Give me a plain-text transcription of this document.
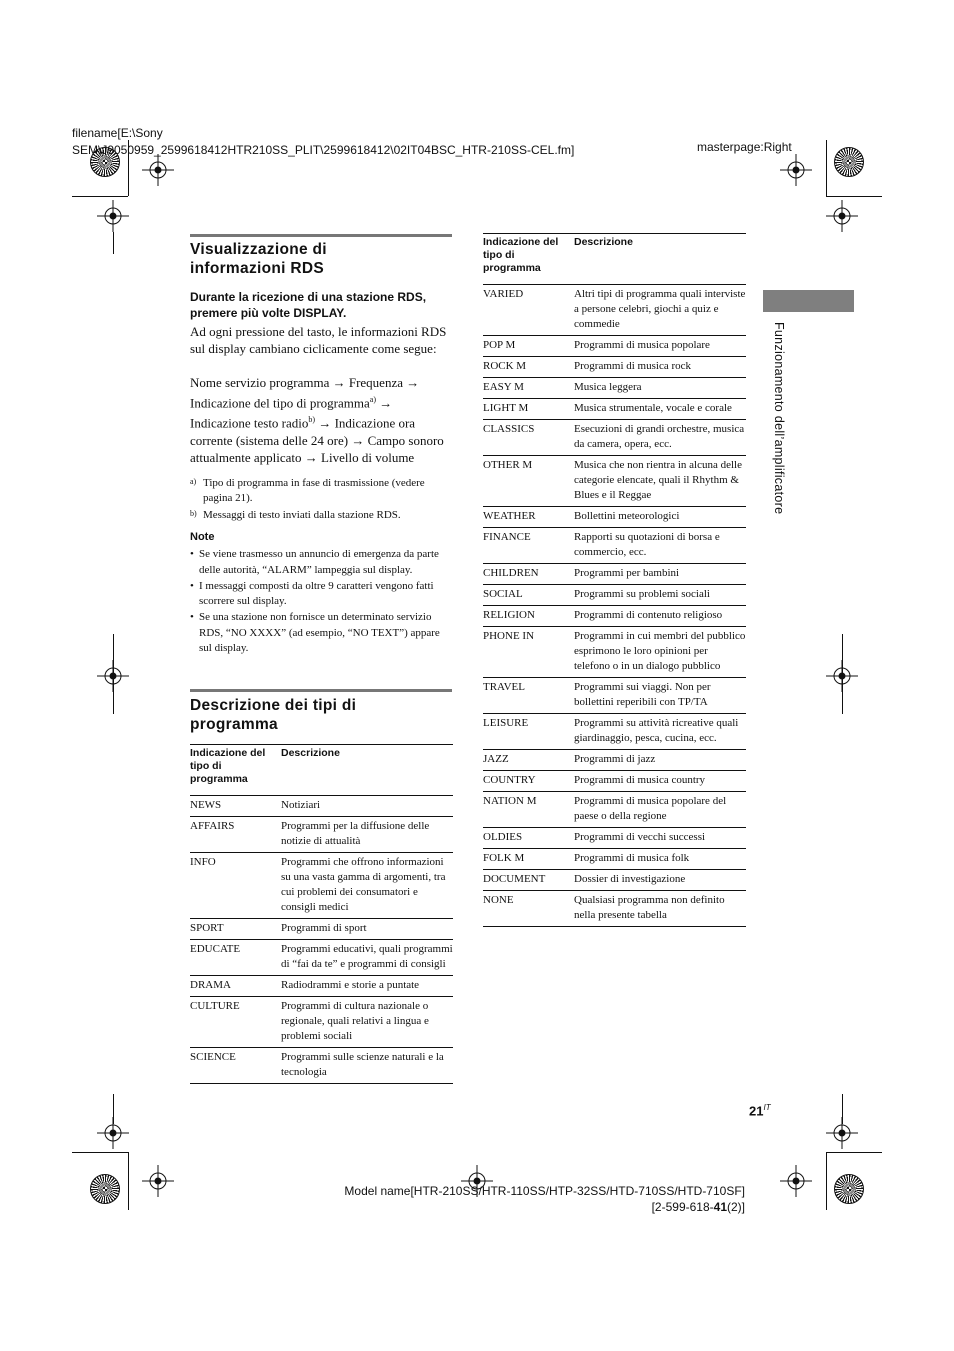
filename[E:\Sony
SEM\J9050959_2599618412HTR210SS_PLIT\2599618412\02IT04BSC_HTR-210SS-CEL.fm]	masterpage:Right
Visualizzazione di informazioni RDS
Durante la ricezione di una stazione RDS, premere più volte DISPLAY.
Ad ogni pressione del tasto, le informazioni RDS sul display cambiano ciclicamente come segue:
Nome servizio programma → Frequenza → Indicazione del tipo di programma$^{a)}$ → Indicazione testo radio$^{b)}$ → Indicazione ora corrente (sistema delle 24 ore) → Campo sonoro attualmente applicato → Livello di volume
a) Tipo di programma in fase di trasmissione (vedere pagina 21).
b) Messaggi di testo inviati dalla stazione RDS.
Note
• Se viene trasmesso un annuncio di emergenza da parte delle autorità, “ALARM” lampeggia sul display.
• I messaggi composti da oltre 9 caratteri vengono fatti scorrere sul display.
• Se una stazione non fornisce un determinato servizio RDS, “NO XXXX” (ad esempio, “NO TEXT”) appare sul display.
Descrizione dei tipi di programma
Indicazione del tipo di programma	Descrizione
NEWS	Notiziari
AFFAIRS	Programmi per la diffusione delle notizie di attualità
INFO	Programmi che offrono informazioni su una vasta gamma di argomenti, tra cui problemi dei consumatori e consigli medici
SPORT	Programmi di sport
EDUCATE	Programmi educativi, quali programmi di “fai da te” e programmi di consigli
DRAMA	Radiodrammi e storie a puntate
CULTURE	Programmi di cultura nazionale o regionale, quali relativi a lingua e problemi sociali
SCIENCE	Programmi sulle scienze naturali e la tecnologia
Indicazione del tipo di programma	Descrizione
VARIED	Altri tipi di programma quali interviste a persone celebri, giochi a quiz e commedie
POP M	Programmi di musica popolare
ROCK M	Programmi di musica rock
EASY M	Musica leggera
LIGHT M	Musica strumentale, vocale e corale
CLASSICS	Esecuzioni di grandi orchestre, musica da camera, opera, ecc.
OTHER M	Musica che non rientra in alcuna delle categorie elencate, quali il Rhythm & Blues e il Reggae
WEATHER	Bollettini meteorologici
FINANCE	Rapporti su quotazioni di borsa e commercio, ecc.
CHILDREN	Programmi per bambini
SOCIAL	Programmi su problemi sociali
RELIGION	Programmi di contenuto religioso
PHONE IN	Programmi in cui membri del pubblico esprimono le loro opinioni per telefono o in un dialogo pubblico
TRAVEL	Programmi sui viaggi. Non per bollettini reperibili con TP/TA
LEISURE	Programmi su attività ricreative quali giardinaggio, pesca, cucina, ecc.
JAZZ	Programmi di jazz
COUNTRY	Programmi di musica country
NATION M	Programmi di musica popolare del paese o della regione
OLDIES	Programmi di vecchi successi
FOLK M	Programmi di musica folk
DOCUMENT	Dossier di investigazione
NONE	Qualsiasi programma non definito nella presente tabella
Funzionamento dell’amplificatore
$21^{IT}$
Model name[HTR-210SS/HTR-110SS/HTP-32SS/HTD-710SS/HTD-710SF]
[2-599-618-41(2)]
